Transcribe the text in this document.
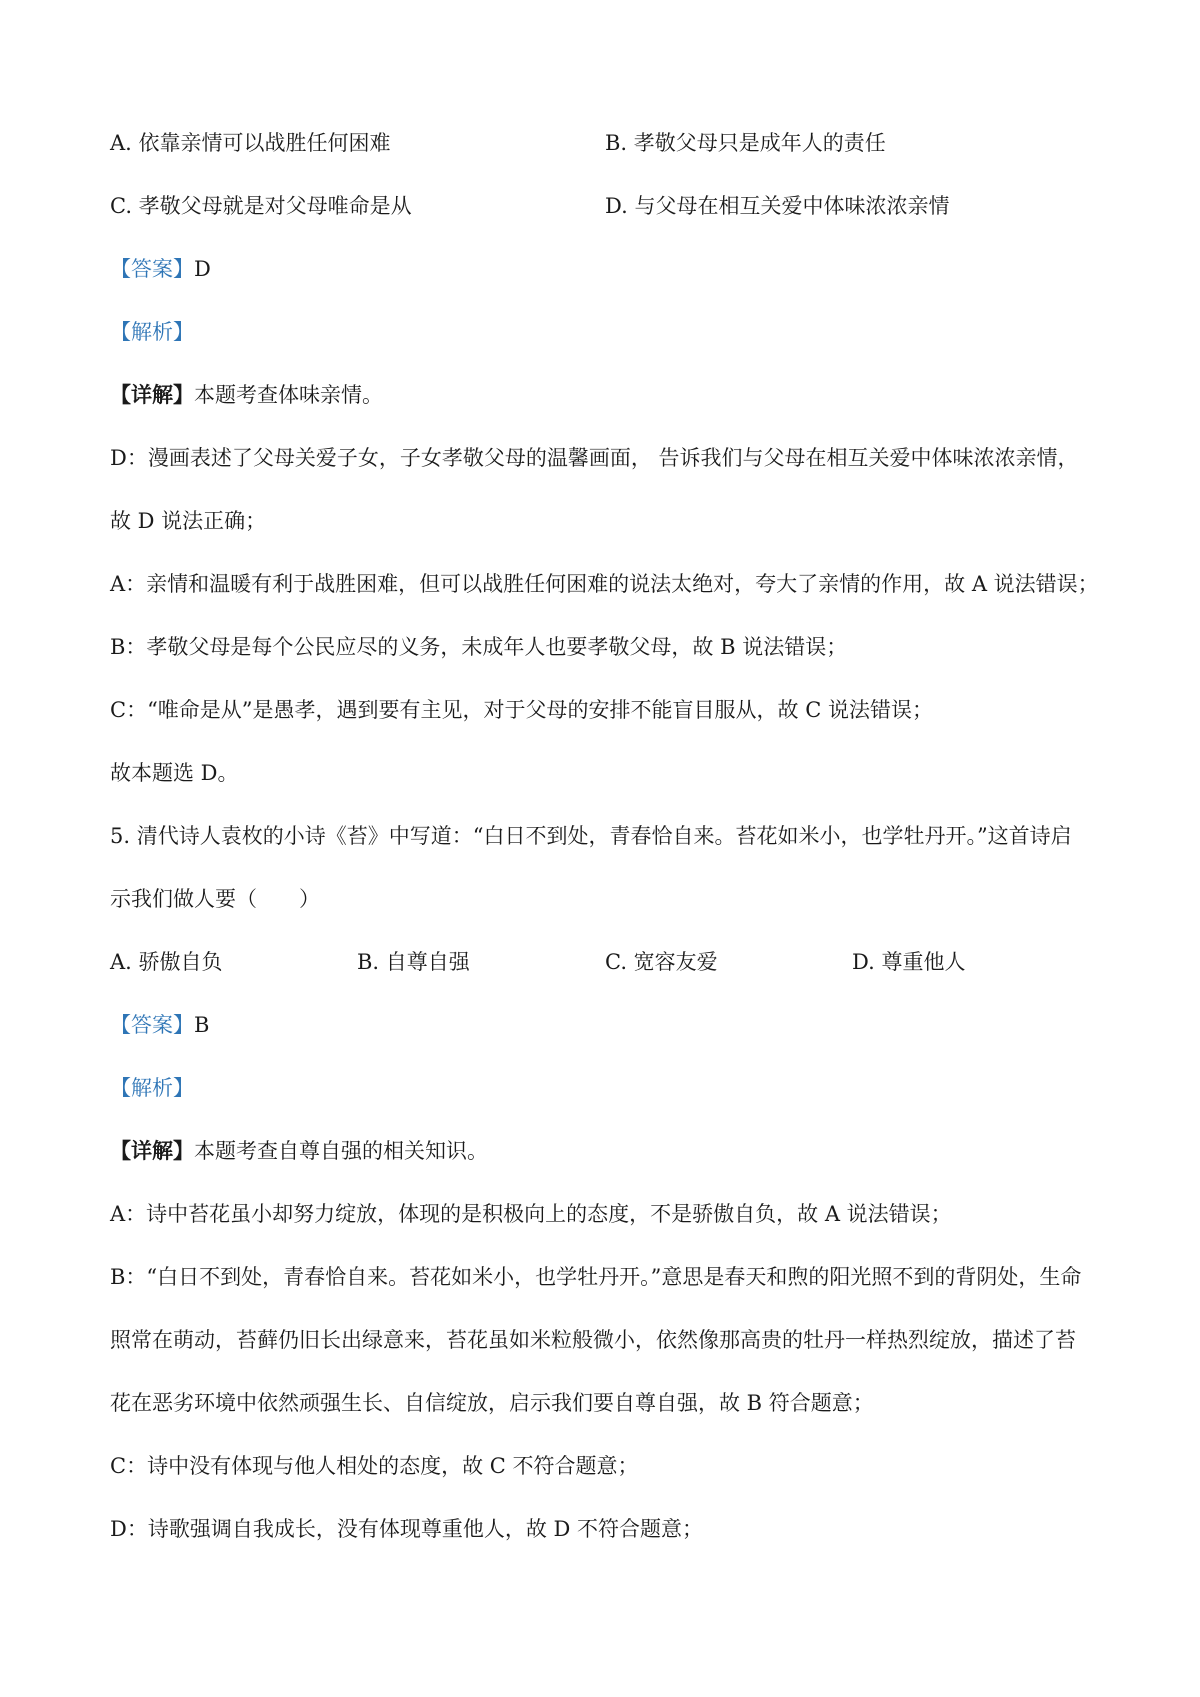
A. 依靠亲情可以战胜任何困难	B. 孝敬父母只是成年人的责任
C. 孝敬父母就是对父母唯命是从	D. 与父母在相互关爱中体味浓浓亲情
【答案】D
【解析】
【详解】本题考查体味亲情。
D：漫画表述了父母关爱子女，子女孝敬父母的温馨画面， 告诉我们与父母在相互关爱中体味浓浓亲情，
故 D 说法正确；
A：亲情和温暖有利于战胜困难，但可以战胜任何困难的说法太绝对，夸大了亲情的作用，故 A 说法错误；
B：孝敬父母是每个公民应尽的义务，未成年人也要孝敬父母，故 B 说法错误；
C：“唯命是从”是愚孝，遇到要有主见，对于父母的安排不能盲目服从，故 C 说法错误；
故本题选 D。
5. 清代诗人袁枚的小诗《苔》中写道：“白日不到处，青春恰自来。苔花如米小，也学牡丹开。”这首诗启
示我们做人要（　　）
A. 骄傲自负	B. 自尊自强	C. 宽容友爱	D. 尊重他人
【答案】B
【解析】
【详解】本题考查自尊自强的相关知识。
A：诗中苔花虽小却努力绽放，体现的是积极向上的态度，不是骄傲自负，故 A 说法错误；
B：“白日不到处，青春恰自来。苔花如米小，也学牡丹开。”意思是春天和煦的阳光照不到的背阴处，生命
照常在萌动，苔藓仍旧长出绿意来，苔花虽如米粒般微小，依然像那高贵的牡丹一样热烈绽放，描述了苔
花在恶劣环境中依然顽强生长、自信绽放，启示我们要自尊自强，故 B 符合题意；
C：诗中没有体现与他人相处的态度，故 C 不符合题意；
D：诗歌强调自我成长，没有体现尊重他人，故 D 不符合题意；
